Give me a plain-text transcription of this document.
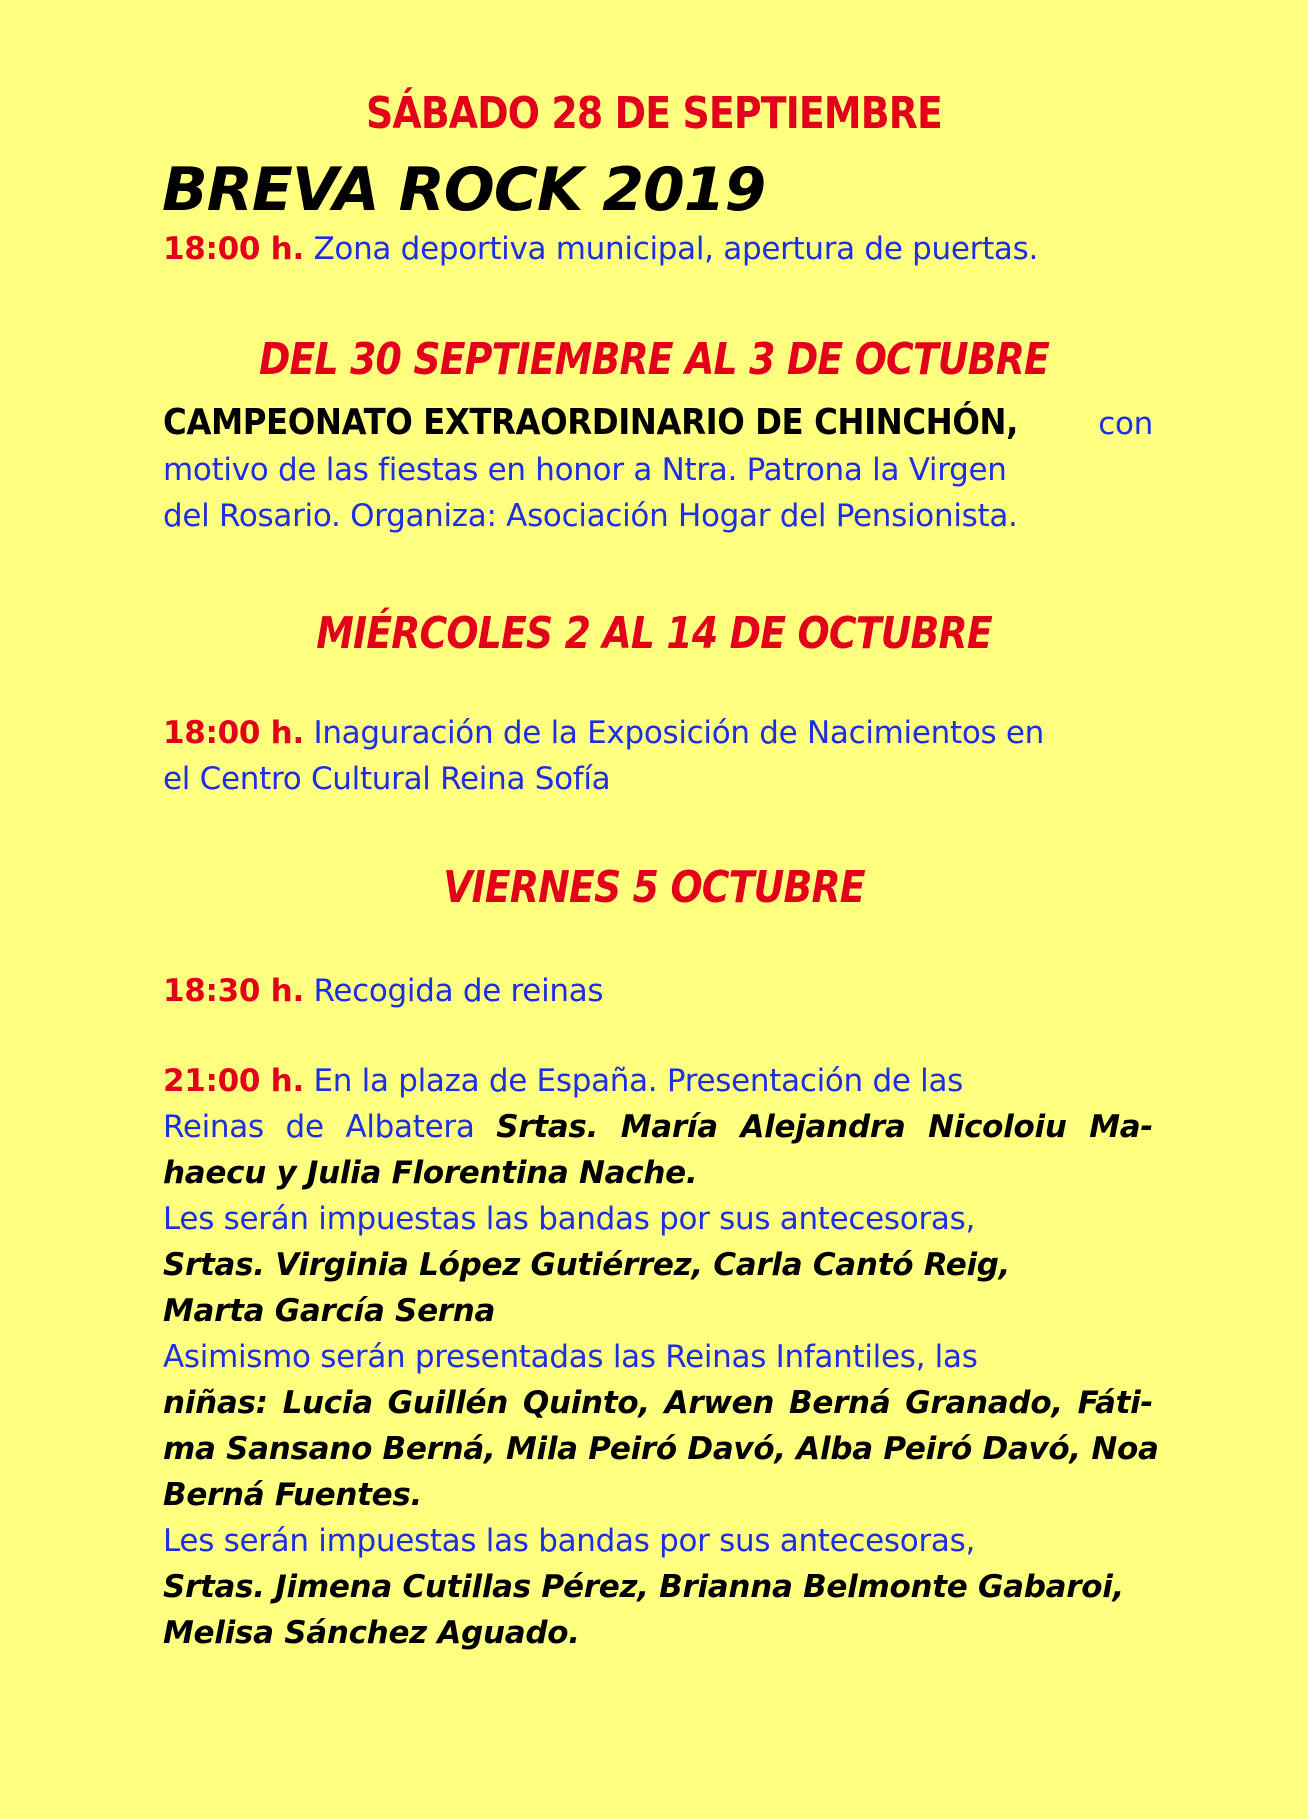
SÁBADO 28 DE SEPTIEMBRE
BREVA ROCK 2019
18:00 h. Zona deportiva municipal, apertura de puertas.
DEL 30 SEPTIEMBRE AL 3 DE OCTUBRE
CAMPEONATO EXTRAORDINARIO DE CHINCHÓN,	con
motivo de las fiestas en honor a Ntra. Patrona la Virgen
del Rosario. Organiza: Asociación Hogar del Pensionista.
MIÉRCOLES 2 AL 14 DE OCTUBRE
18:00 h. Inaguración de la Exposición de Nacimientos en
el Centro Cultural Reina Sofía
VIERNES 5 OCTUBRE
18:30 h. Recogida de reinas
21:00 h. En la plaza de España. Presentación de las
Reinas de Albatera Srtas. María Alejandra Nicoloiu Ma-
haecu y Julia Florentina Nache.
Les serán impuestas las bandas por sus antecesoras,
Srtas. Virginia López Gutiérrez, Carla Cantó Reig,
Marta García Serna
Asimismo serán presentadas las Reinas Infantiles, las
niñas: Lucia Guillén Quinto, Arwen Berná Granado, Fáti-
ma Sansano Berná, Mila Peiró Davó, Alba Peiró Davó, Noa
Berná Fuentes.
Les serán impuestas las bandas por sus antecesoras,
Srtas. Jimena Cutillas Pérez, Brianna Belmonte Gabaroi,
Melisa Sánchez Aguado.
